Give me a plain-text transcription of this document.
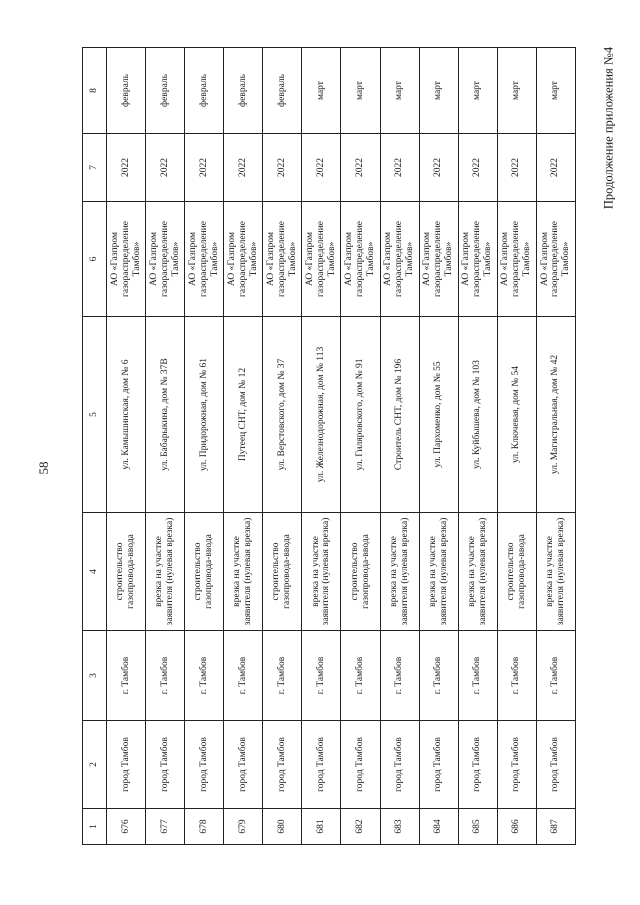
58
Продолжение приложения №4
1	2	3	4	5	6	7	8
676	город Тамбов	г. Тамбов	строительство газопровода-ввода	ул. Камышинская, дом № 6	АО «Газпром газораспределение Тамбов»	2022	февраль
677	город Тамбов	г. Тамбов	врезка на участке заявителя (нулевая врезка)	ул. Бабарыкина, дом № 37В	АО «Газпром газораспределение Тамбов»	2022	февраль
678	город Тамбов	г. Тамбов	строительство газопровода-ввода	ул. Придорожная, дом № 61	АО «Газпром газораспределение Тамбов»	2022	февраль
679	город Тамбов	г. Тамбов	врезка на участке заявителя (нулевая врезка)	Путеец СНТ, дом № 12	АО «Газпром газораспределение Тамбов»	2022	февраль
680	город Тамбов	г. Тамбов	строительство газопровода-ввода	ул. Верстовского, дом № 37	АО «Газпром газораспределение Тамбов»	2022	февраль
681	город Тамбов	г. Тамбов	врезка на участке заявителя (нулевая врезка)	ул. Железнодорожная, дом № 113	АО «Газпром газораспределение Тамбов»	2022	март
682	город Тамбов	г. Тамбов	строительство газопровода-ввода	ул. Гиляровского, дом № 91	АО «Газпром газораспределение Тамбов»	2022	март
683	город Тамбов	г. Тамбов	врезка на участке заявителя (нулевая врезка)	Строитель СНТ, дом № 196	АО «Газпром газораспределение Тамбов»	2022	март
684	город Тамбов	г. Тамбов	врезка на участке заявителя (нулевая врезка)	ул. Пархоменко, дом № 55	АО «Газпром газораспределение Тамбов»	2022	март
685	город Тамбов	г. Тамбов	врезка на участке заявителя (нулевая врезка)	ул. Куйбышева, дом № 103	АО «Газпром газораспределение Тамбов»	2022	март
686	город Тамбов	г. Тамбов	строительство газопровода-ввода	ул. Ключевая, дом № 54	АО «Газпром газораспределение Тамбов»	2022	март
687	город Тамбов	г. Тамбов	врезка на участке заявителя (нулевая врезка)	ул. Магистральная, дом № 42	АО «Газпром газораспределение Тамбов»	2022	март
